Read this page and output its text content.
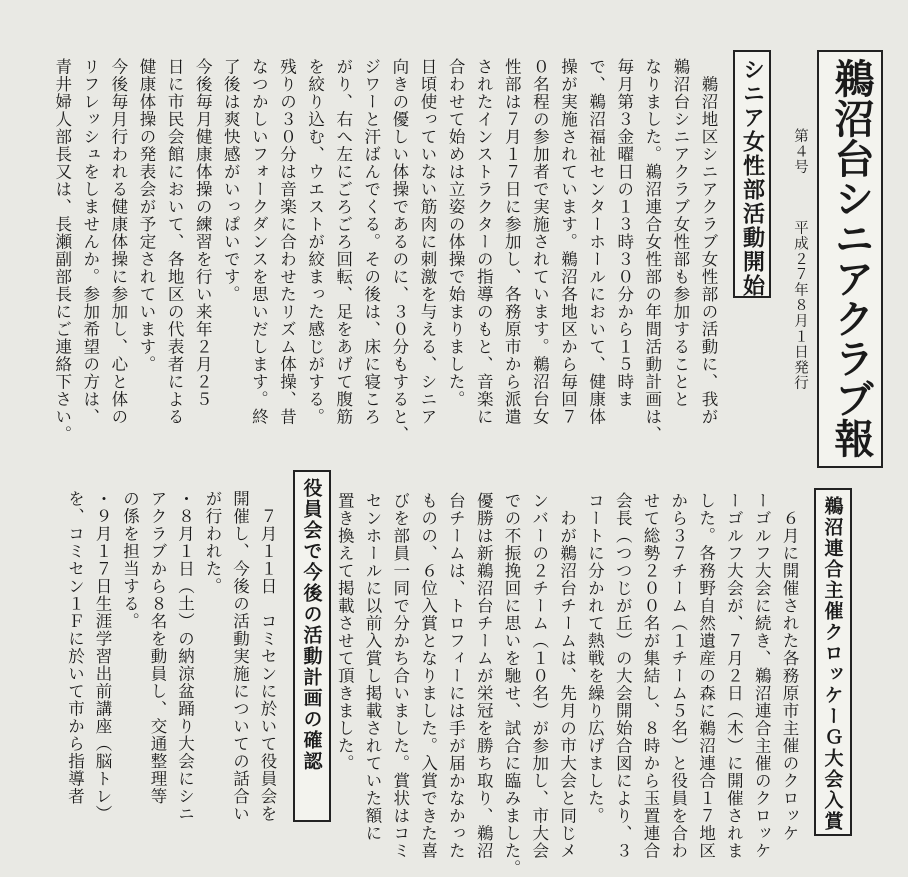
鵜沼台シニアクラブ報
第４号
平成２７年８月１日発行
シニア女性部活動開始
　鵜沼地区シニアクラブ女性部の活動に、我が
鵜沼台シニアクラブ女性部も参加することと
なりました。鵜沼連合女性部の年間活動計画は、
毎月第３金曜日の１３時３０分から１５時ま
で、鵜沼福祉センターホールにおいて、健康体
操が実施されています。鵜沼各地区から毎回７
０名程の参加者で実施されています。鵜沼台女
性部は７月１７日に参加し、各務原市から派遣
されたインストラクターの指導のもと、音楽に
合わせて始めは立姿の体操で始まりました。
日頃使っていない筋肉に刺激を与える、シニア
向きの優しい体操であるのに、３０分もすると、
ジワーと汗ばんでくる。その後は、床に寝ころ
がり、右へ左にごろごろ回転、足をあげて腹筋
を絞り込む、ウエストが絞まった感じがする。
残りの３０分は音楽に合わせたリズム体操、昔
なつかしいフォークダンスを思いだします。終
了後は爽快感がいっぱいです。
今後毎月健康体操の練習を行い来年２月２５
日に市民会館において、各地区の代表者による
健康体操の発表会が予定されています。
今後毎月行われる健康体操に参加し、心と体の
リフレッシュをしませんか。参加希望の方は、
青井婦人部長又は、長瀬副部長にご連絡下さい。
鵜沼連合主催クロッケーＧ大会入賞
　６月に開催された各務原市主催のクロッケ
ーゴルフ大会に続き、鵜沼連合主催のクロッケ
ーゴルフ大会が、７月２日（木）に開催されま
した。各務野自然遺産の森に鵜沼連合１７地区
から３７チーム（１チーム５名）と役員を合わ
せて総勢２００名が集結し、８時から玉置連合
会長（つつじが丘）の大会開始合図により、３
コートに分かれて熱戦を繰り広げました。
　わが鵜沼台チームは、先月の市大会と同じメ
ンバーの２チーム（１０名）が参加し、市大会
での不振挽回に思いを馳せ、試合に臨みました。
優勝は新鵜沼台チームが栄冠を勝ち取り、鵜沼
台チームは、トロフィーには手が届かなかった
ものの、６位入賞となりました。入賞できた喜
びを部員一同で分かち合いました。賞状はコミ
センホールに以前入賞し掲載されていた額に
置き換えて掲載させて頂きました。
役員会で今後の活動計画の確認
　７月１１日　コミセンに於いて役員会を
開催し、今後の活動実施についての話合い
が行われた。
・８月１日（土）の納涼盆踊り大会にシニ
アクラブから８名を動員し、交通整理等
の係を担当する。
・９月１７日生涯学習出前講座（脳トレ）
を、コミセン１Ｆに於いて市から指導者
